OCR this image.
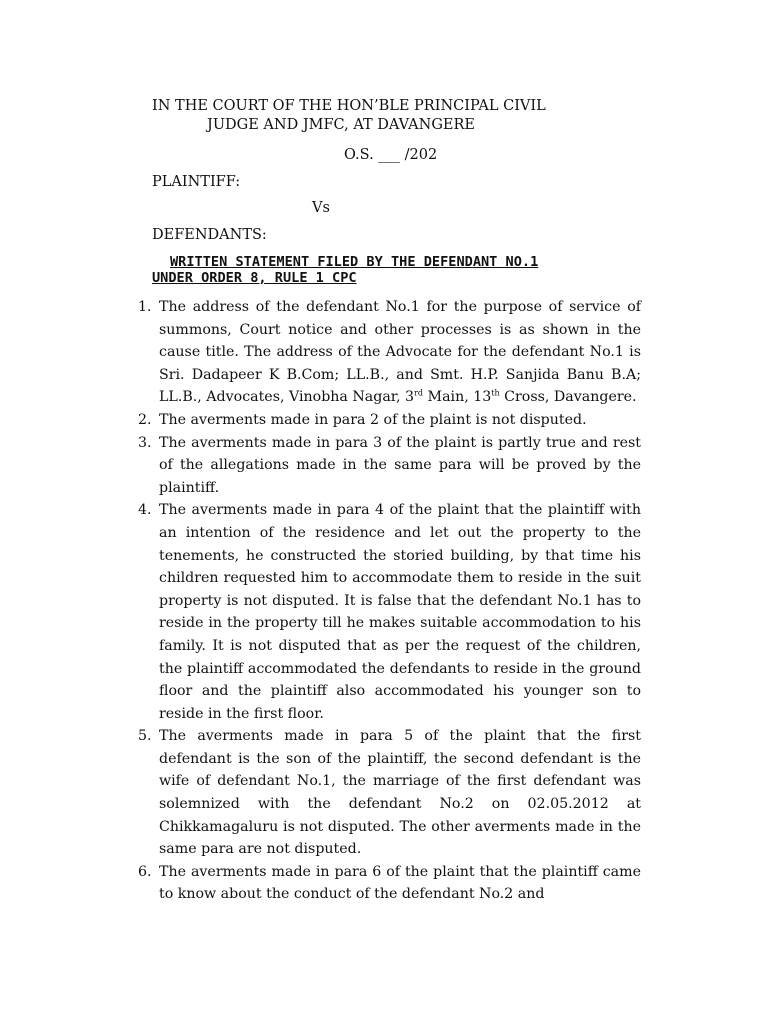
IN THE COURT OF THE HON’BLE PRINCIPAL CIVIL
JUDGE AND JMFC, AT DAVANGERE
O.S. ___ /202
PLAINTIFF:
Vs
DEFENDANTS:
WRITTEN STATEMENT FILED BY THE DEFENDANT NO.1
UNDER ORDER 8, RULE 1 CPC
1. The address of the defendant No.1 for the purpose of service of summons, Court notice and other processes is as shown in the cause title. The address of the Advocate for the defendant No.1 is Sri. Dadapeer K B.Com; LL.B., and Smt. H.P. Sanjida Banu B.A; LL.B., Advocates, Vinobha Nagar, 3rd Main, 13th Cross, Davangere.
2. The averments made in para 2 of the plaint is not disputed.
3. The averments made in para 3 of the plaint is partly true and rest of the allegations made in the same para will be proved by the plaintiff.
4. The averments made in para 4 of the plaint that the plaintiff with an intention of the residence and let out the property to the tenements, he constructed the storied building, by that time his children requested him to accommodate them to reside in the suit property is not disputed. It is false that the defendant No.1 has to reside in the property till he makes suitable accommodation to his family. It is not disputed that as per the request of the children, the plaintiff accommodated the defendants to reside in the ground floor and the plaintiff also accommodated his younger son to reside in the first floor.
5. The averments made in para 5 of the plaint that the first defendant is the son of the plaintiff, the second defendant is the wife of defendant No.1, the marriage of the first defendant was solemnized with the defendant No.2 on 02.05.2012 at Chikkamagaluru is not disputed. The other averments made in the same para are not disputed.
6. The averments made in para 6 of the plaint that the plaintiff came to know about the conduct of the defendant No.2 and
